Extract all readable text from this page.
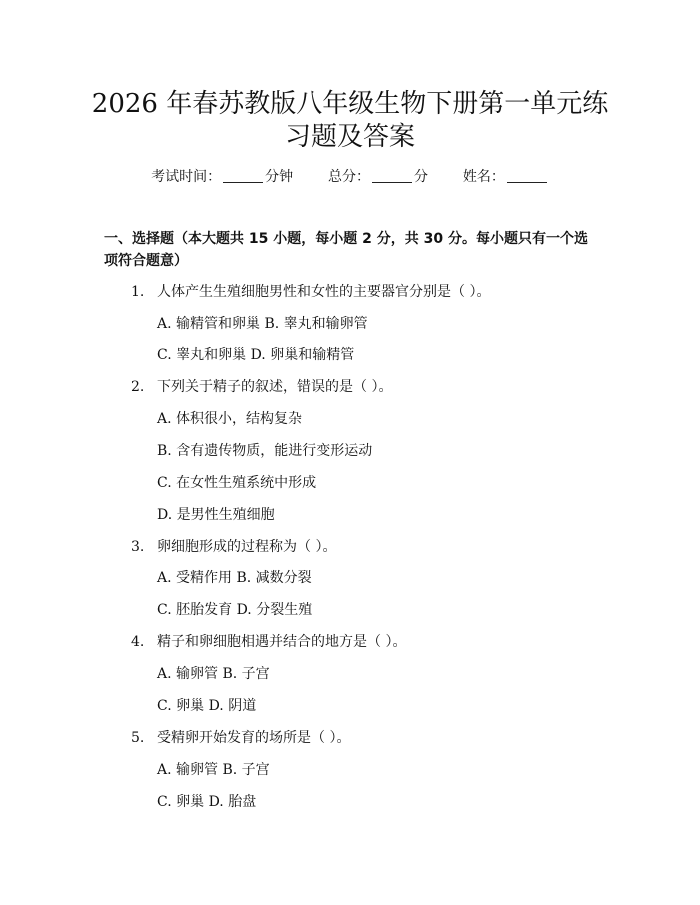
2026 年春苏教版八年级生物下册第一单元练
习题及答案
考试时间：	分钟 总分：	分 姓名：
一、选择题（本大题共 15 小题，每小题 2 分，共 30 分。每小题只有一个选项符合题意）
1. 人体产生生殖细胞男性和女性的主要器官分别是（ ）。
A. 输精管和卵巢 B. 睾丸和输卵管
C. 睾丸和卵巢 D. 卵巢和输精管
2. 下列关于精子的叙述，错误的是（ ）。
A. 体积很小，结构复杂
B. 含有遗传物质，能进行变形运动
C. 在女性生殖系统中形成
D. 是男性生殖细胞
3. 卵细胞形成的过程称为（ ）。
A. 受精作用 B. 减数分裂
C. 胚胎发育 D. 分裂生殖
4. 精子和卵细胞相遇并结合的地方是（ ）。
A. 输卵管 B. 子宫
C. 卵巢 D. 阴道
5. 受精卵开始发育的场所是（ ）。
A. 输卵管 B. 子宫
C. 卵巢 D. 胎盘
